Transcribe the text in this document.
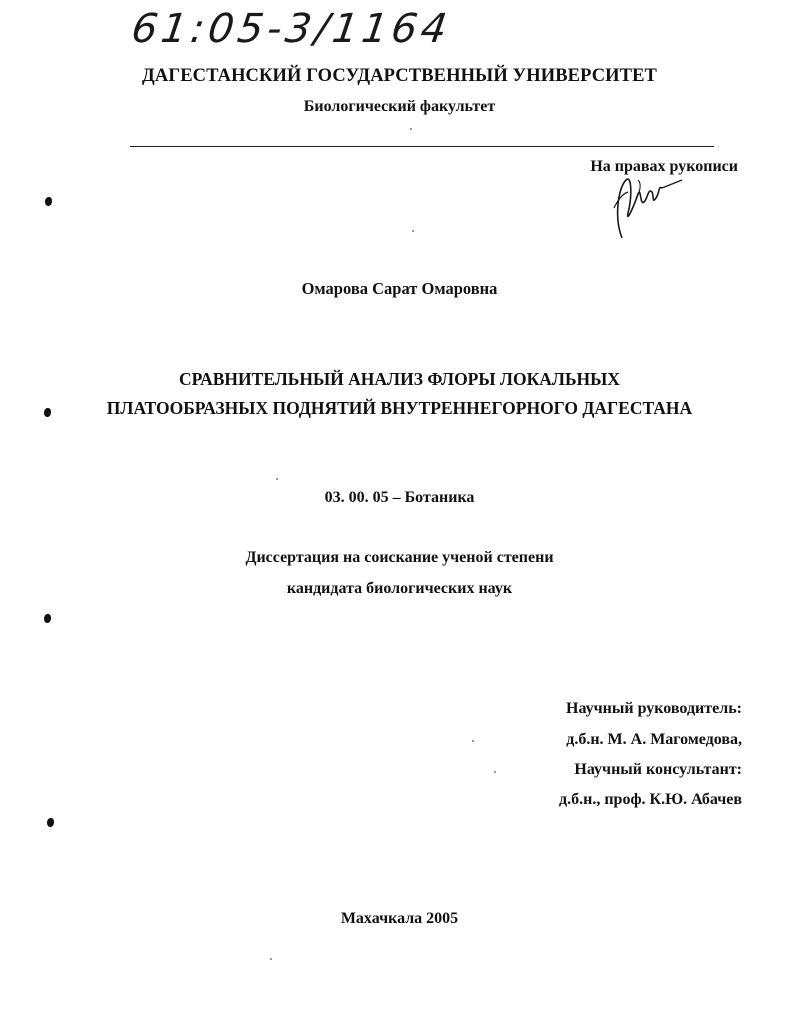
61:05-3/1164
ДАГЕСТАНСКИЙ ГОСУДАРСТВЕННЫЙ УНИВЕРСИТЕТ
Биологический факультет
На правах рукописи
Омарова Сарат Омаровна
СРАВНИТЕЛЬНЫЙ АНАЛИЗ ФЛОРЫ ЛОКАЛЬНЫХ
ПЛАТООБРАЗНЫХ ПОДНЯТИЙ ВНУТРЕННЕГОРНОГО ДАГЕСТАНА
03. 00. 05 – Ботаника
Диссертация на соискание ученой степени
кандидата биологических наук
Научный руководитель:
д.б.н. М. А. Магомедова,
Научный консультант:
д.б.н., проф. К.Ю. Абачев
Махачкала 2005
